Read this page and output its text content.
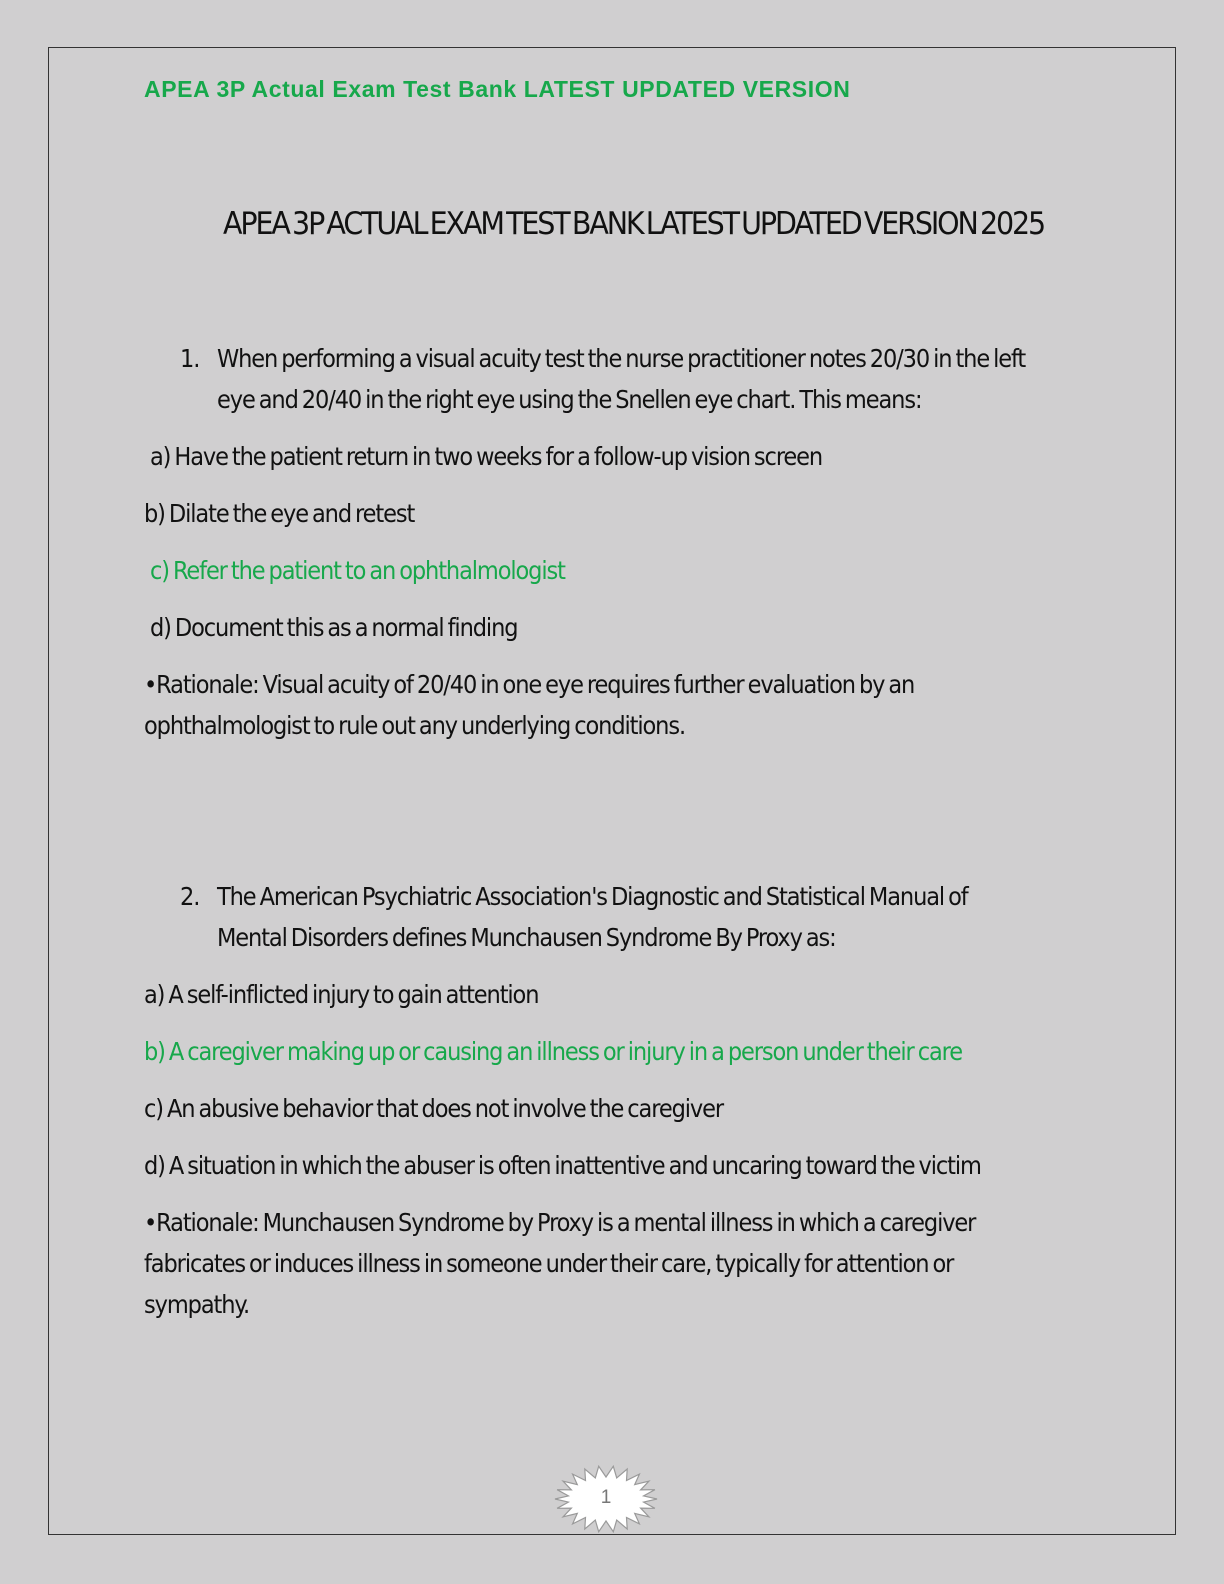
APEA 3P Actual Exam Test Bank LATEST UPDATED VERSION
APEA 3P ACTUAL EXAM TEST BANK LATEST UPDATED VERSION 2025
1. When performing a visual acuity test the nurse practitioner notes 20/30 in the left eye and 20/40 in the right eye using the Snellen eye chart. This means:
a) Have the patient return in two weeks for a follow-up vision screen
b) Dilate the eye and retest
c) Refer the patient to an ophthalmologist
d) Document this as a normal finding
•Rationale: Visual acuity of 20/40 in one eye requires further evaluation by an ophthalmologist to rule out any underlying conditions.
2. The American Psychiatric Association's Diagnostic and Statistical Manual of Mental Disorders defines Munchausen Syndrome By Proxy as:
a) A self-inflicted injury to gain attention
b) A caregiver making up or causing an illness or injury in a person under their care
c) An abusive behavior that does not involve the caregiver
d) A situation in which the abuser is often inattentive and uncaring toward the victim
•Rationale: Munchausen Syndrome by Proxy is a mental illness in which a caregiver fabricates or induces illness in someone under their care, typically for attention or sympathy.
1
